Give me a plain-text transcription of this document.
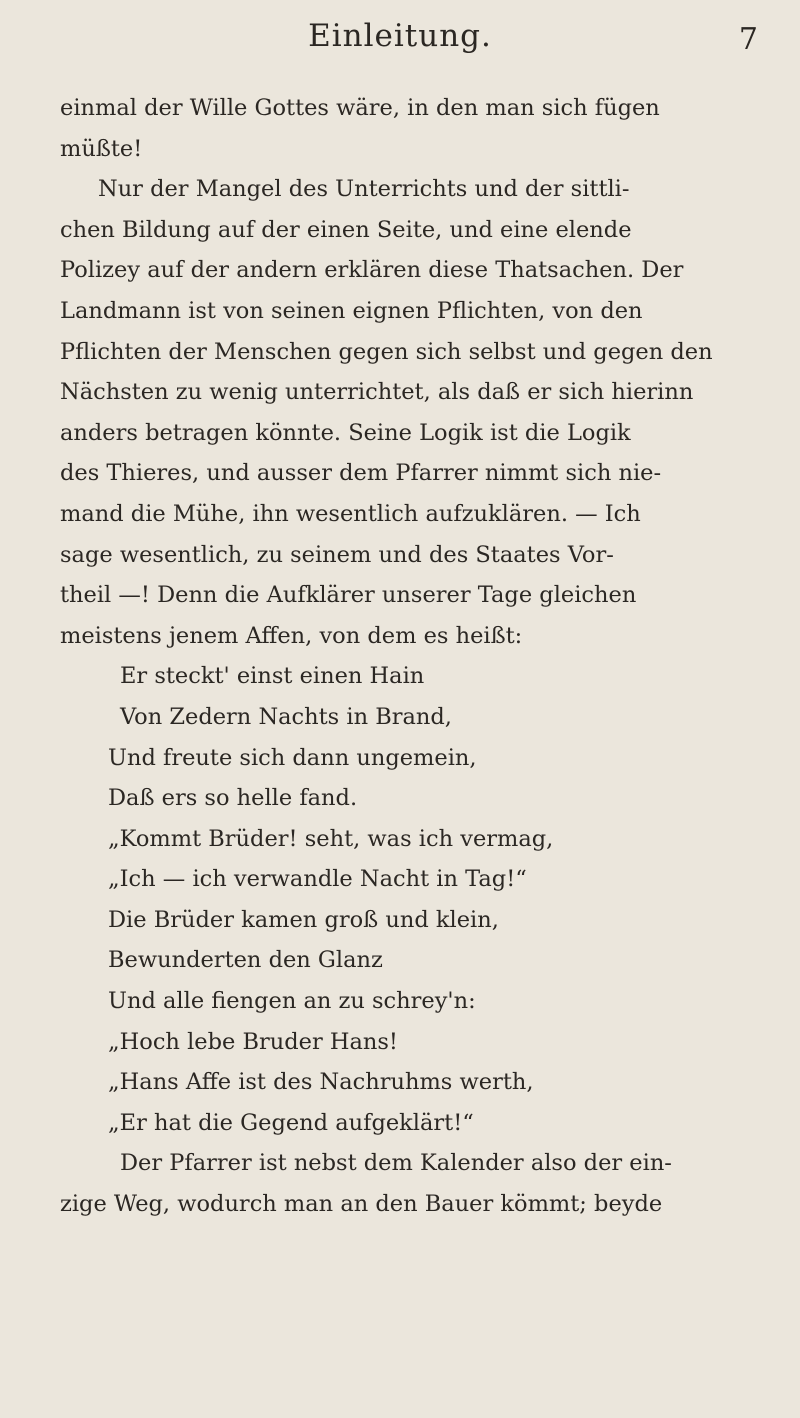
Einleitung.	7
einmal der Wille Gottes wäre, in den man sich fügen
müßte!
Nur der Mangel des Unterrichts und der sittli-
chen Bildung auf der einen Seite, und eine elende
Polizey auf der andern erklären diese Thatsachen. Der
Landmann ist von seinen eignen Pflichten, von den
Pflichten der Menschen gegen sich selbst und gegen den
Nächsten zu wenig unterrichtet, als daß er sich hierinn
anders betragen könnte. Seine Logik ist die Logik
des Thieres, und ausser dem Pfarrer nimmt sich nie-
mand die Mühe, ihn wesentlich aufzuklären. — Ich
sage wesentlich, zu seinem und des Staates Vor-
theil —! Denn die Aufklärer unserer Tage gleichen
meistens jenem Affen, von dem es heißt:
Er steckt' einst einen Hain
Von Zedern Nachts in Brand,
Und freute sich dann ungemein,
Daß ers so helle fand.
„Kommt Brüder! seht, was ich vermag,
„Ich — ich verwandle Nacht in Tag!“
Die Brüder kamen groß und klein,
Bewunderten den Glanz
Und alle fiengen an zu schrey'n:
„Hoch lebe Bruder Hans!
„Hans Affe ist des Nachruhms werth,
„Er hat die Gegend aufgeklärt!“
Der Pfarrer ist nebst dem Kalender also der ein-
zige Weg, wodurch man an den Bauer kömmt; beyde
